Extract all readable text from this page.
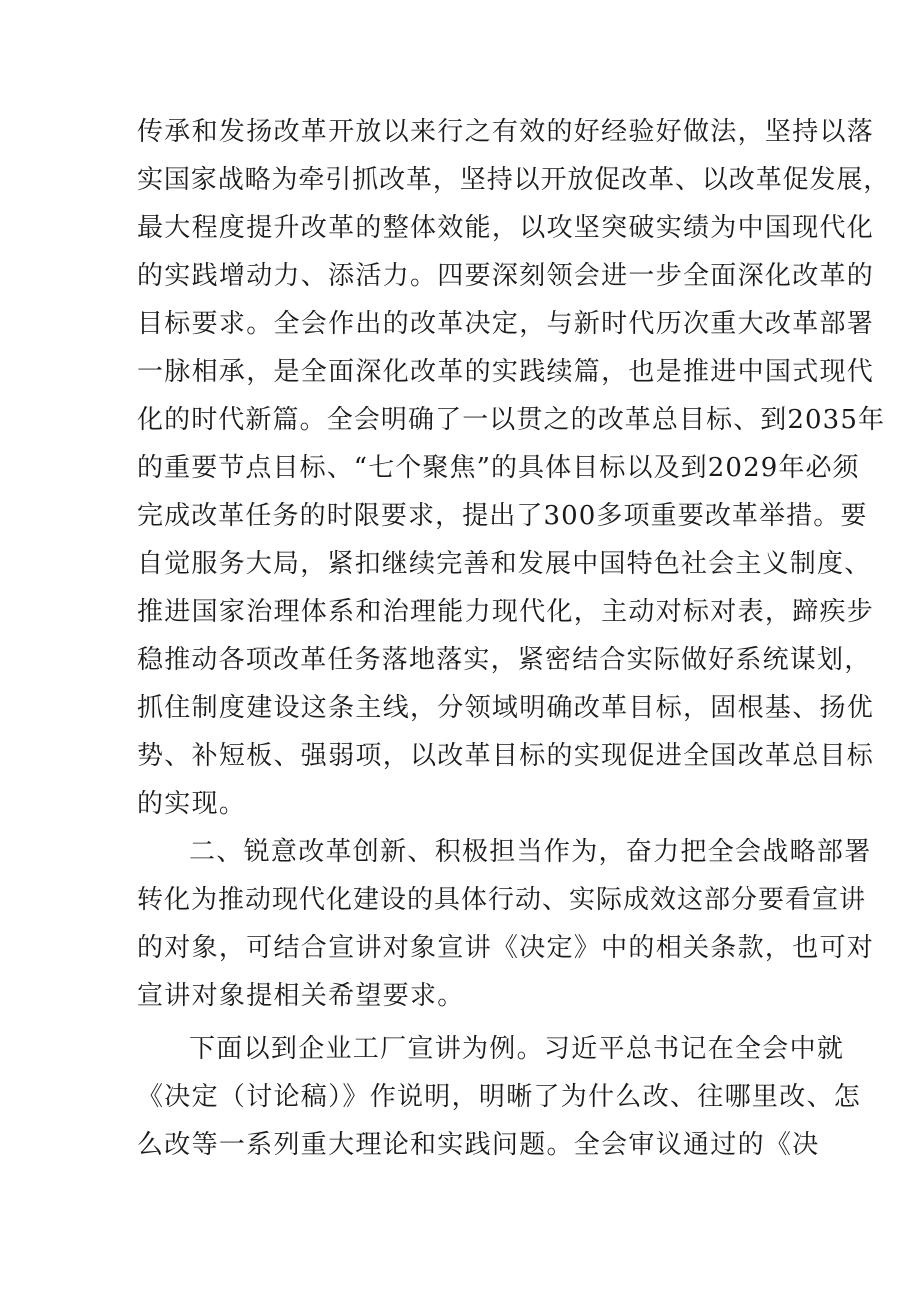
传承和发扬改革开放以来行之有效的好经验好做法，坚持以落
实国家战略为牵引抓改革，坚持以开放促改革、以改革促发展，
最大程度提升改革的整体效能，以攻坚突破实绩为中国现代化
的实践增动力、添活力。四要深刻领会进一步全面深化改革的
目标要求。全会作出的改革决定，与新时代历次重大改革部署
一脉相承，是全面深化改革的实践续篇，也是推进中国式现代
化的时代新篇。全会明确了一以贯之的改革总目标、到2035年
的重要节点目标、“七个聚焦”的具体目标以及到2029年必须
完成改革任务的时限要求，提出了300多项重要改革举措。要
自觉服务大局，紧扣继续完善和发展中国特色社会主义制度、
推进国家治理体系和治理能力现代化，主动对标对表，蹄疾步
稳推动各项改革任务落地落实，紧密结合实际做好系统谋划，
抓住制度建设这条主线，分领域明确改革目标，固根基、扬优
势、补短板、强弱项，以改革目标的实现促进全国改革总目标
的实现。
二、锐意改革创新、积极担当作为，奋力把全会战略部署
转化为推动现代化建设的具体行动、实际成效这部分要看宣讲
的对象，可结合宣讲对象宣讲《决定》中的相关条款，也可对
宣讲对象提相关希望要求。
下面以到企业工厂宣讲为例。习近平总书记在全会中就
《决定（讨论稿）》作说明，明晰了为什么改、往哪里改、怎
么改等一系列重大理论和实践问题。全会审议通过的《决
